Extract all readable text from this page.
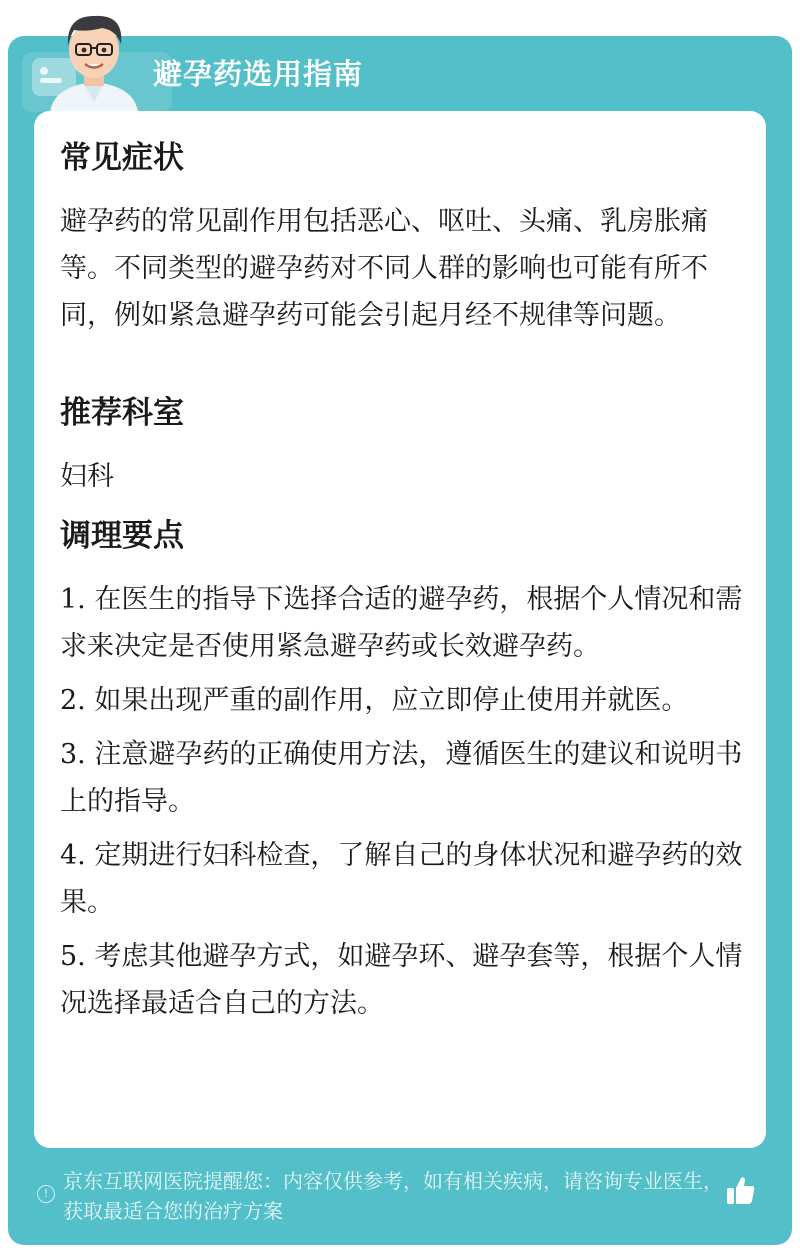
避孕药选用指南
!
京东互联网医院提醒您：内容仅供参考，如有相关疾病，请咨询专业医生，获取最适合您的治疗方案
常见症状

避孕药的常见副作用包括恶心、呕吐、头痛、乳房胀痛等。不同类型的避孕药对不同人群的影响也可能有所不同，例如紧急避孕药可能会引起月经不规律等问题。

推荐科室

妇科

调理要点

1. 在医生的指导下选择合适的避孕药，根据个人情况和需求来决定是否使用紧急避孕药或长效避孕药。

2. 如果出现严重的副作用，应立即停止使用并就医。

3. 注意避孕药的正确使用方法，遵循医生的建议和说明书上的指导。

4. 定期进行妇科检查，了解自己的身体状况和避孕药的效果。

5. 考虑其他避孕方式，如避孕环、避孕套等，根据个人情况选择最适合自己的方法。
